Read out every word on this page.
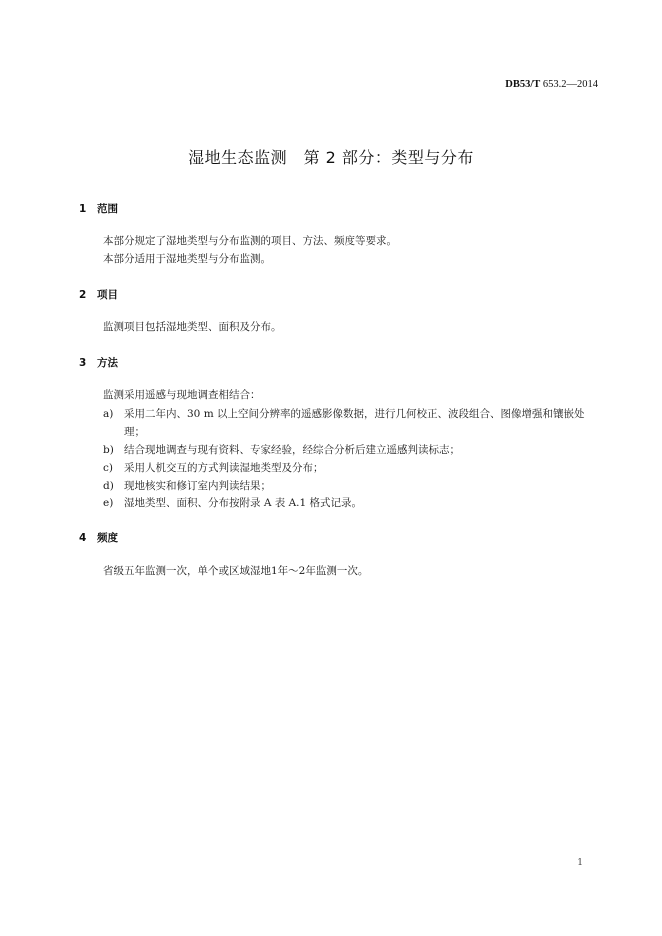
DB53/T 653.2—2014
湿地生态监测　第 2 部分：类型与分布
1 范围
本部分规定了湿地类型与分布监测的项目、方法、频度等要求。
本部分适用于湿地类型与分布监测。
2 项目
监测项目包括湿地类型、面积及分布。
3 方法
监测采用遥感与现地调查相结合：
a)	采用二年内、30 m 以上空间分辨率的遥感影像数据，进行几何校正、波段组合、图像增强和镶嵌处理；
b) 结合现地调查与现有资料、专家经验，经综合分析后建立遥感判读标志；
c)	采用人机交互的方式判读湿地类型及分布；
d) 现地核实和修订室内判读结果；
e)	湿地类型、面积、分布按附录 A 表 A.1 格式记录。
4 频度
省级五年监测一次，单个或区域湿地1年～2年监测一次。
1
